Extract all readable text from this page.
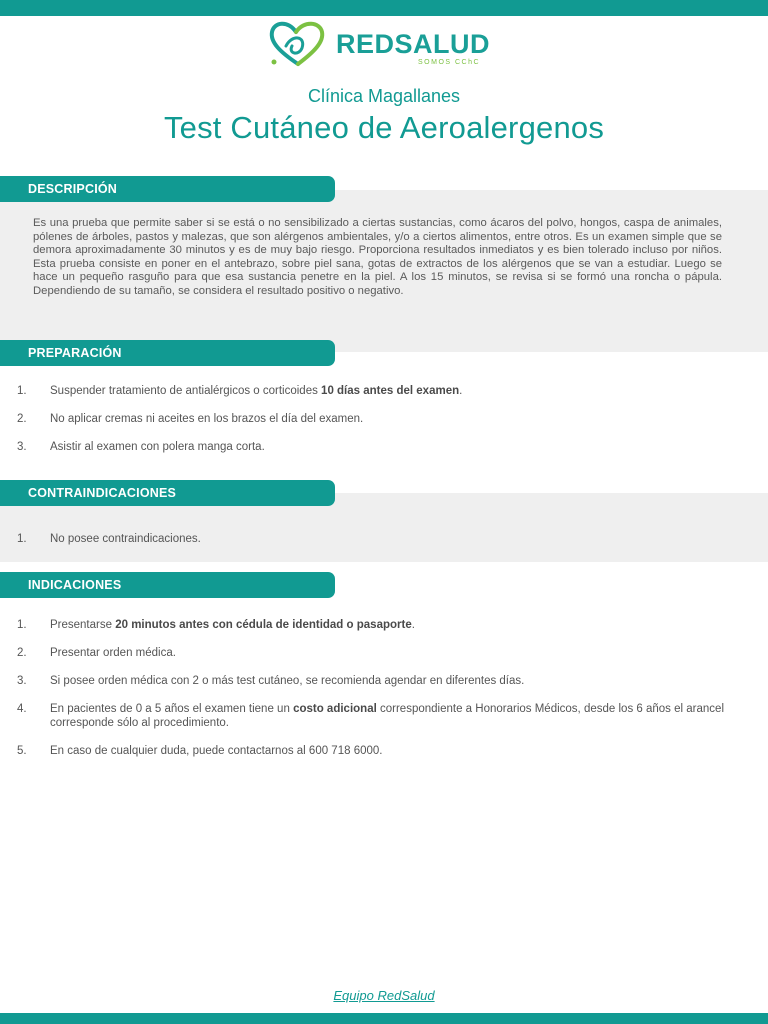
REDSALUD
SOMOS CChC
Clínica Magallanes
Test Cutáneo de Aeroalergenos
DESCRIPCIÓN
Es una prueba que permite saber si se está o no sensibilizado a ciertas sustancias, como ácaros del polvo, hongos, caspa de animales, pólenes de árboles, pastos y malezas, que son alérgenos ambientales, y/o a ciertos alimentos, entre otros. Es un examen simple que se demora aproximadamente 30 minutos y es de muy bajo riesgo. Proporciona resultados inmediatos y es bien tolerado incluso por niños. Esta prueba consiste en poner en el antebrazo, sobre piel sana, gotas de extractos de los alérgenos que se van a estudiar. Luego se hace un pequeño rasguño para que esa sustancia penetre en la piel. A los 15 minutos, se revisa si se formó una roncha o pápula. Dependiendo de su tamaño, se considera el resultado positivo o negativo.
PREPARACIÓN
1.	Suspender tratamiento de antialérgicos o corticoides 10 días antes del examen.
2.	No aplicar cremas ni aceites en los brazos el día del examen.
3.	Asistir al examen con polera manga corta.
CONTRAINDICACIONES
1.	No posee contraindicaciones.
INDICACIONES
1.	Presentarse 20 minutos antes con cédula de identidad o pasaporte.
2.	Presentar orden médica.
3.	Si posee orden médica con 2 o más test cutáneo, se recomienda agendar en diferentes días.
4.	En pacientes de 0 a 5 años el examen tiene un costo adicional correspondiente a Honorarios Médicos, desde los 6 años el arancel corresponde sólo al procedimiento.
5.	En caso de cualquier duda, puede contactarnos al 600 718 6000.
Equipo RedSalud
